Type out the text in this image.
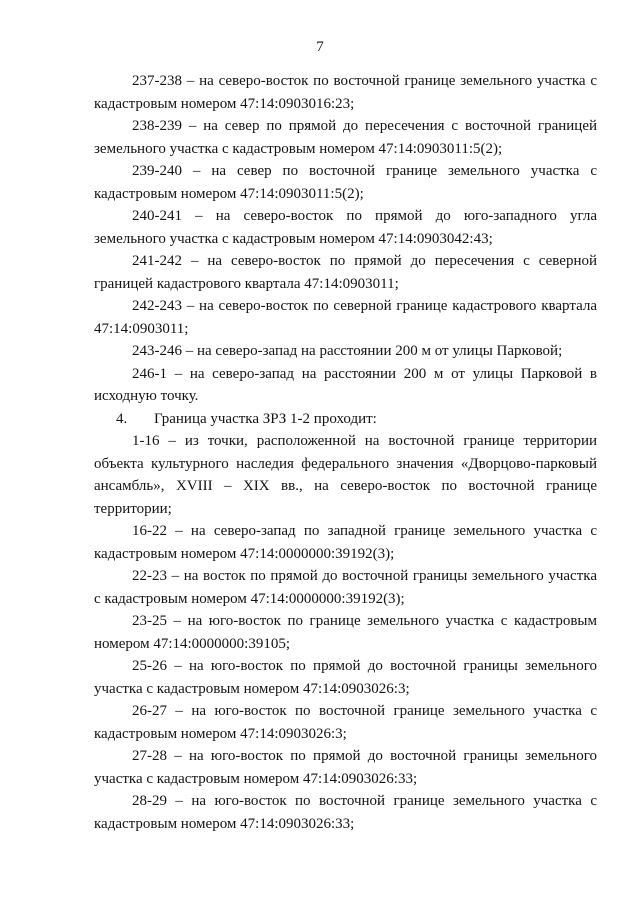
7

237-238 – на северо-восток по восточной границе земельного участка с кадастровым номером 47:14:0903016:23;

238-239 – на север по прямой до пересечения с восточной границей земельного участка с кадастровым номером 47:14:0903011:5(2);

239-240 – на север по восточной границе земельного участка с кадастровым номером 47:14:0903011:5(2);

240-241 – на северо-восток по прямой до юго-западного угла земельного участка с кадастровым номером 47:14:0903042:43;

241-242 – на северо-восток по прямой до пересечения с северной границей кадастрового квартала 47:14:0903011;

242-243 – на северо-восток по северной границе кадастрового квартала 47:14:0903011;

243-246 – на северо-запад на расстоянии 200 м от улицы Парковой;

246-1 – на северо-запад на расстоянии 200 м от улицы Парковой в исходную точку.

4. Граница участка ЗРЗ 1-2 проходит:

1-16 – из точки, расположенной на восточной границе территории объекта культурного наследия федерального значения «Дворцово-парковый ансамбль», XVIII – XIX вв., на северо-восток по восточной границе территории;

16-22 – на северо-запад по западной границе земельного участка с кадастровым номером 47:14:0000000:39192(3);

22-23 – на восток по прямой до восточной границы земельного участка с кадастровым номером 47:14:0000000:39192(3);

23-25 – на юго-восток по границе земельного участка с кадастровым номером 47:14:0000000:39105;

25-26 – на юго-восток по прямой до восточной границы земельного участка с кадастровым номером 47:14:0903026:3;

26-27 – на юго-восток по восточной границе земельного участка с кадастровым номером 47:14:0903026:3;

27-28 – на юго-восток по прямой до восточной границы земельного участка с кадастровым номером 47:14:0903026:33;

28-29 – на юго-восток по восточной границе земельного участка с кадастровым номером 47:14:0903026:33;
